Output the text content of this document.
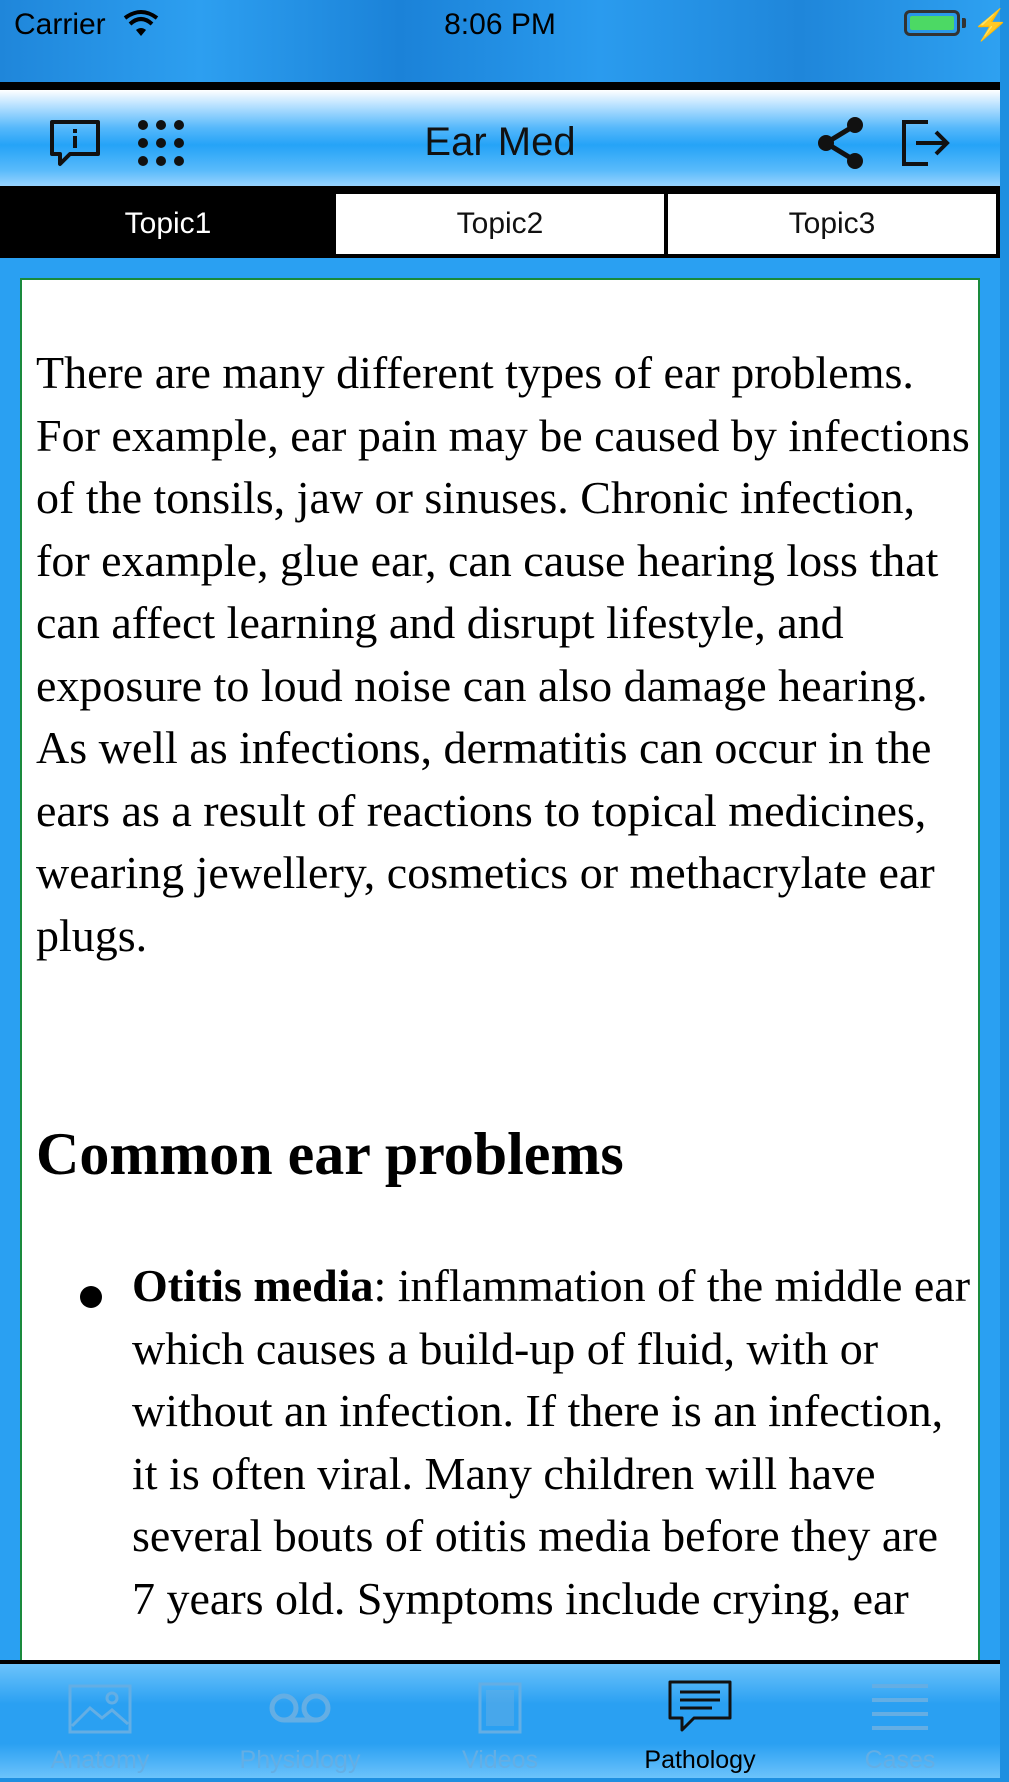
Carrier	8:06 PM	⚡
Ear Med
Topic1	Topic2	Topic3

There are many different types of ear problems. For example, ear pain may be caused by infections of the tonsils, jaw or sinuses. Chronic infection, for example, glue ear, can cause hearing loss that can affect learning and disrupt lifestyle, and exposure to loud noise can also damage hearing. As well as infections, dermatitis can occur in the ears as a result of reactions to topical medicines, wearing jewellery, cosmetics or methacrylate ear plugs.

Common ear problems

Otitis media: inflammation of the middle ear which causes a build-up of fluid, with or without an infection. If there is an infection, it is often viral. Many children will have several bouts of otitis media before they are 7 years old. Symptoms include crying, ear

Anatomy	Physiology	Videos	Pathology	Cases
